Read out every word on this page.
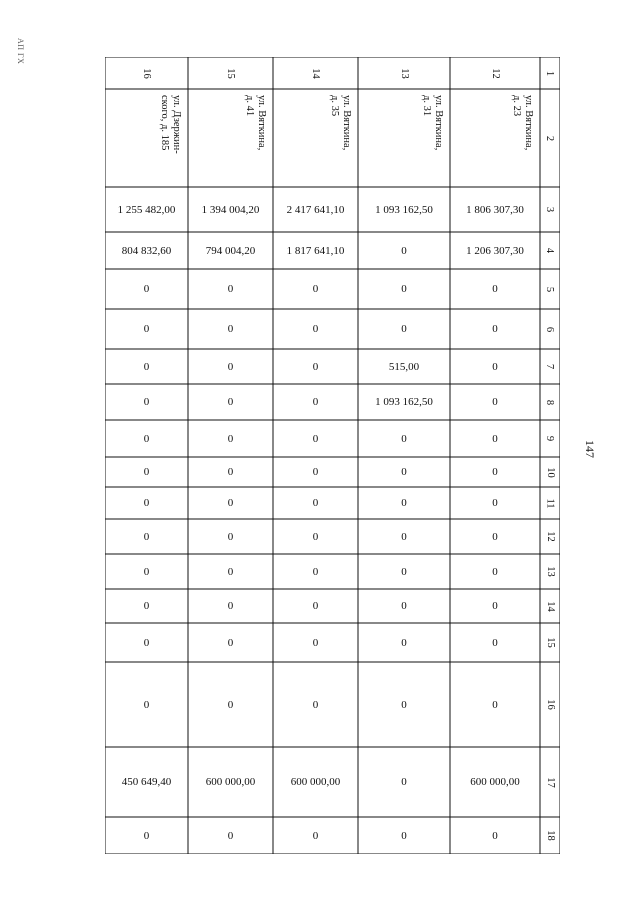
АП ГХ
147
1
2
3
4
5
6
7
8
9
10
11
12
13
14
15
16
17
18
12
ул. Вяткина,
д. 23
1 806 307,30
1 206 307,30
0
0
0
0
0
0
0
0
0
0
0
0
600 000,00
0
13
ул. Вяткина,
д. 31
1 093 162,50
0
0
0
515,00
1 093 162,50
0
0
0
0
0
0
0
0
0
0
14
ул. Вяткина,
д. 35
2 417 641,10
1 817 641,10
0
0
0
0
0
0
0
0
0
0
0
0
600 000,00
0
15
ул. Вяткина,
д. 41
1 394 004,20
794 004,20
0
0
0
0
0
0
0
0
0
0
0
0
600 000,00
0
16
ул. Дзержин-
ского, д. 185
1 255 482,00
804 832,60
0
0
0
0
0
0
0
0
0
0
0
0
450 649,40
0
